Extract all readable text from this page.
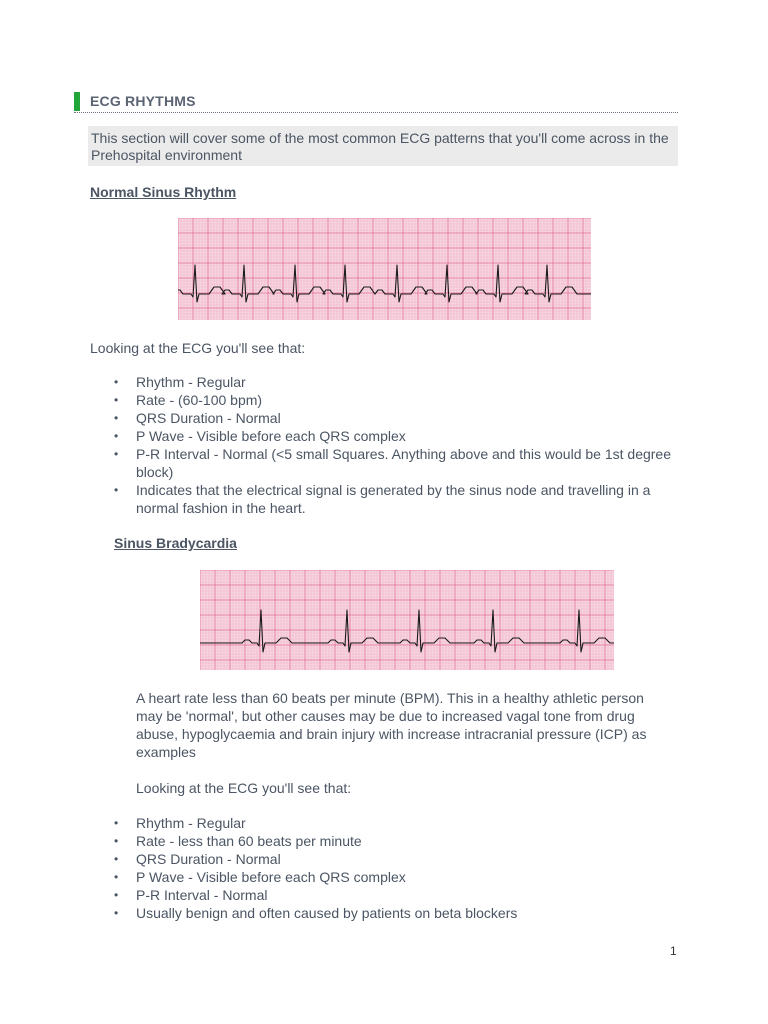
ECG RHYTHMS
This section will cover some of the most common ECG patterns that you'll come across in the Prehospital environment
Normal Sinus Rhythm
Looking at the ECG you'll see that:
• Rhythm - Regular
• Rate - (60-100 bpm)
• QRS Duration - Normal
• P Wave - Visible before each QRS complex
• P-R Interval - Normal (<5 small Squares. Anything above and this would be 1st degree block)
• Indicates that the electrical signal is generated by the sinus node and travelling in a normal fashion in the heart.
Sinus Bradycardia
A heart rate less than 60 beats per minute (BPM). This in a healthy athletic person may be 'normal', but other causes may be due to increased vagal tone from drug abuse, hypoglycaemia and brain injury with increase intracranial pressure (ICP) as examples
Looking at the ECG you'll see that:
• Rhythm - Regular
• Rate - less than 60 beats per minute
• QRS Duration - Normal
• P Wave - Visible before each QRS complex
• P-R Interval - Normal
• Usually benign and often caused by patients on beta blockers
1
